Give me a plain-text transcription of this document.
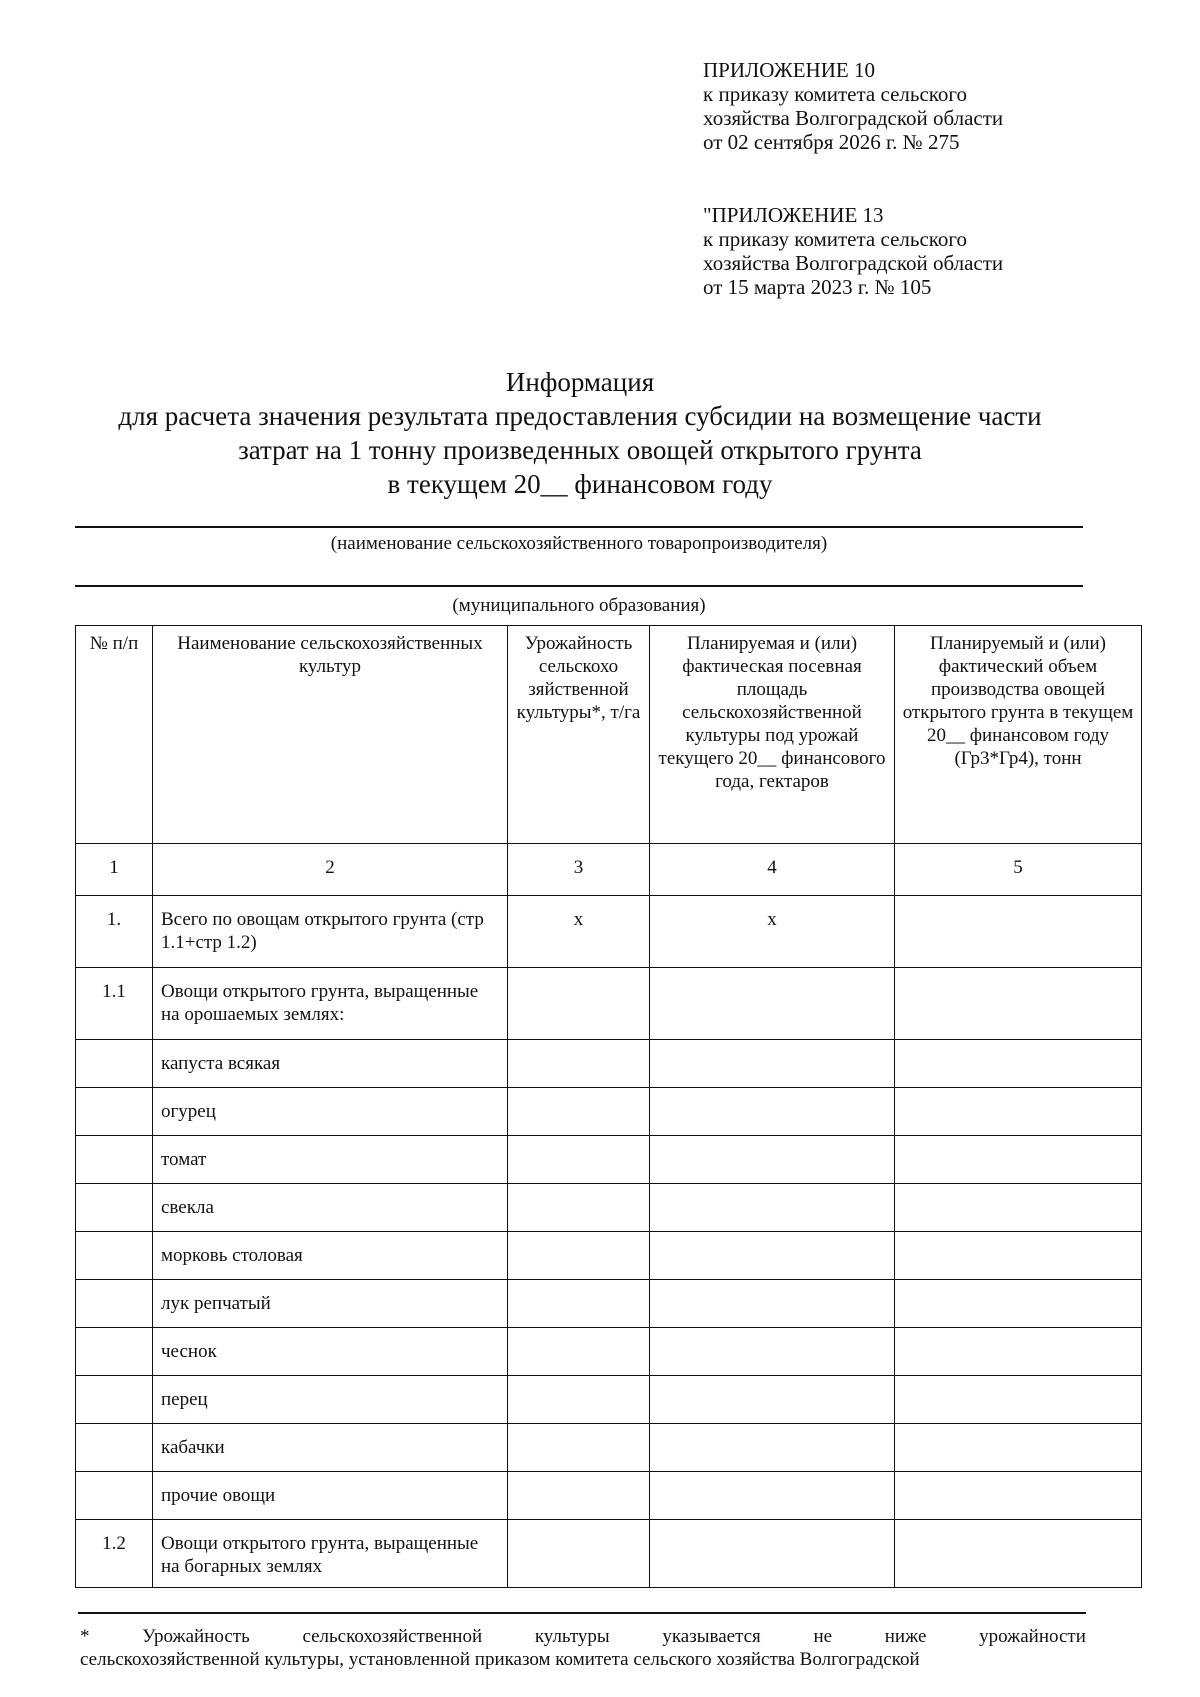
ПРИЛОЖЕНИЕ 10
к приказу комитета сельского
хозяйства Волгоградской области
от 02 сентября 2026 г. № 275
"ПРИЛОЖЕНИЕ 13
к приказу комитета сельского
хозяйства Волгоградской области
от 15 марта 2023 г. № 105
Информация
для расчета значения результата предоставления субсидии на возмещение части
затрат на 1 тонну произведенных овощей открытого грунта
в текущем 20__ финансовом году
(наименование сельскохозяйственного товаропроизводителя)
(муниципального образования)
№ п/п	Наименование сельскохозяйственных культур	Урожайность сельскохо зяйственной культуры*, т/га	Планируемая и (или) фактическая посевная площадь сельскохозяйственной культуры под урожай текущего 20__ финансового года, гектаров	Планируемый и (или) фактический объем производства овощей открытого грунта в текущем 20__ финансовом году (Гр3*Гр4), тонн
1	2	3	4	5
1.	Всего по овощам открытого грунта (стр 1.1+стр 1.2)	х	х	
1.1	Овощи открытого грунта, выращенные на орошаемых землях:			
	капуста всякая			
	огурец			
	томат			
	свекла			
	морковь столовая			
	лук репчатый			
	чеснок			
	перец			
	кабачки			
	прочие овощи			
1.2	Овощи открытого грунта, выращенные на богарных землях			
*	Урожайность	сельскохозяйственной	культуры	указывается	не	ниже	урожайности
сельскохозяйственной культуры, установленной приказом комитета сельского хозяйства Волгоградской
